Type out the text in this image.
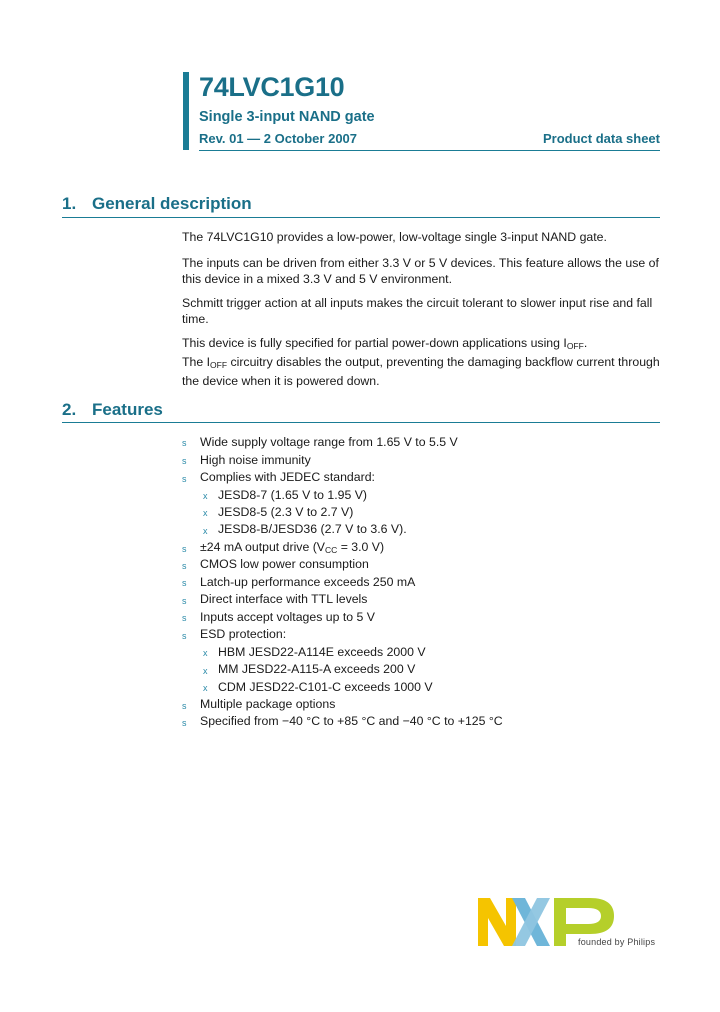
74LVC1G10
Single 3-input NAND gate
Rev. 01 — 2 October 2007	Product data sheet
1. General description
The 74LVC1G10 provides a low-power, low-voltage single 3-input NAND gate.
The inputs can be driven from either 3.3 V or 5 V devices. This feature allows the use of
this device in a mixed 3.3 V and 5 V environment.
Schmitt trigger action at all inputs makes the circuit tolerant to slower input rise and fall
time.
This device is fully specified for partial power-down applications using $I_{OFF}$.
The $I_{OFF}$ circuitry disables the output, preventing the damaging backflow current through
the device when it is powered down.
2. Features
s Wide supply voltage range from 1.65 V to 5.5 V
s High noise immunity
s Complies with JEDEC standard:
x JESD8-7 (1.65 V to 1.95 V)
x JESD8-5 (2.3 V to 2.7 V)
x JESD8-B/JESD36 (2.7 V to 3.6 V).
s ±24 mA output drive ($V_{CC} = 3.0$ V)
s CMOS low power consumption
s Latch-up performance exceeds 250 mA
s Direct interface with TTL levels
s Inputs accept voltages up to 5 V
s ESD protection:
x HBM JESD22-A114E exceeds 2000 V
x MM JESD22-A115-A exceeds 200 V
x CDM JESD22-C101-C exceeds 1000 V
s Multiple package options
s Specified from −40 °C to +85 °C and −40 °C to +125 °C
founded by Philips
